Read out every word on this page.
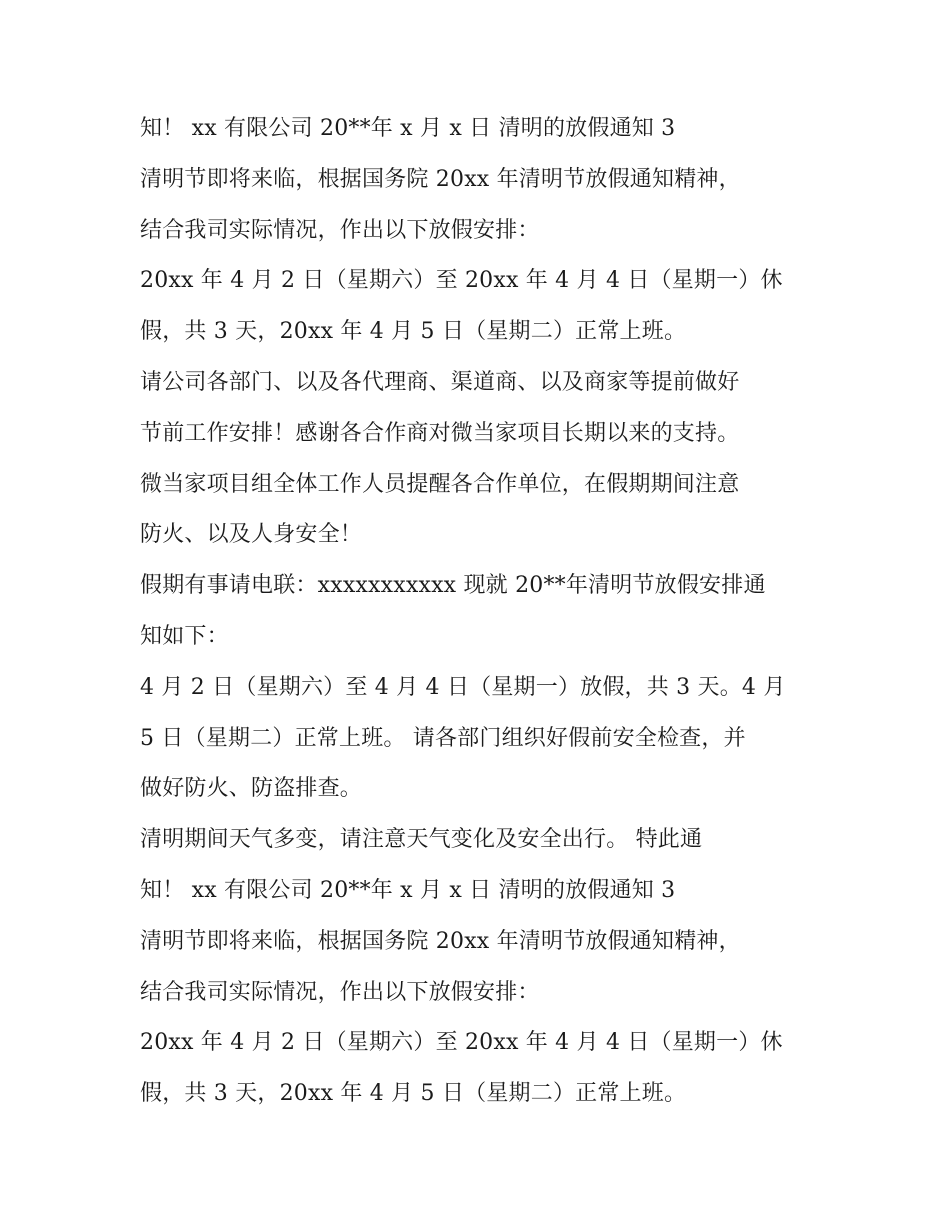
知！ xx 有限公司 20**年 x 月 x 日 清明的放假通知 3
清明节即将来临，根据国务院 20xx 年清明节放假通知精神，
结合我司实际情况，作出以下放假安排：
20xx 年 4 月 2 日（星期六）至 20xx 年 4 月 4 日（星期一）休
假，共 3 天，20xx 年 4 月 5 日（星期二）正常上班。
请公司各部门、以及各代理商、渠道商、以及商家等提前做好
节前工作安排！感谢各合作商对微当家项目长期以来的支持。
微当家项目组全体工作人员提醒各合作单位，在假期期间注意
防火、以及人身安全！
假期有事请电联：xxxxxxxxxxx 现就 20**年清明节放假安排通
知如下：
4 月 2 日（星期六）至 4 月 4 日（星期一）放假，共 3 天。4 月
5 日（星期二）正常上班。 请各部门组织好假前安全检查，并
做好防火、防盗排查。
清明期间天气多变，请注意天气变化及安全出行。 特此通
知！ xx 有限公司 20**年 x 月 x 日 清明的放假通知 3
清明节即将来临，根据国务院 20xx 年清明节放假通知精神，
结合我司实际情况，作出以下放假安排：
20xx 年 4 月 2 日（星期六）至 20xx 年 4 月 4 日（星期一）休
假，共 3 天，20xx 年 4 月 5 日（星期二）正常上班。
